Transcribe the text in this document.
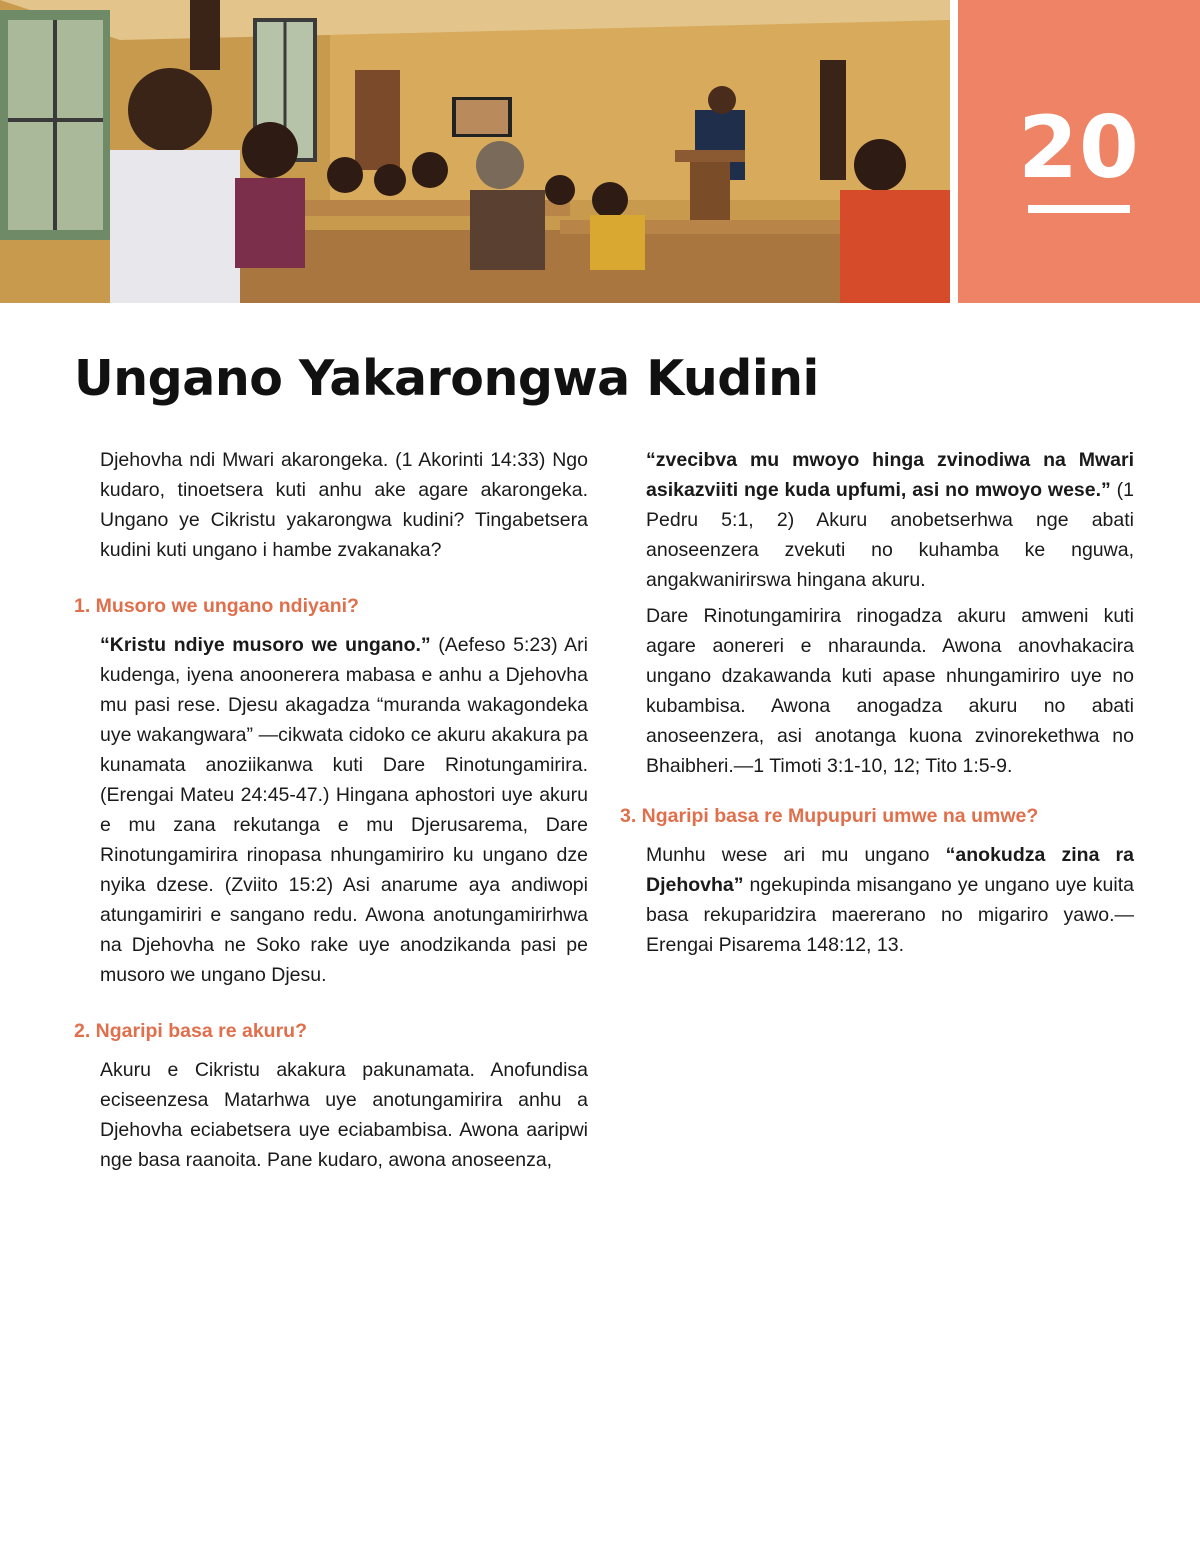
20
Ungano Yakarongwa Kudini

Djehovha ndi Mwari akarongeka. (1 Akorinti 14:33) Ngo kudaro, tinoetsera kuti anhu ake agare akarongeka. Ungano ye Cikristu yakarongwa kudini? Tingabetsera kudini kuti ungano i hambe zvakanaka?

1. Musoro we ungano ndiyani?

“Kristu ndiye musoro we ungano.” (Aefeso 5:23) Ari kudenga, iyena anoonerera mabasa e anhu a Djehovha mu pasi rese. Djesu akagadza “muranda wakagondeka uye wakangwara” —cikwata cidoko ce akuru akakura pa kunamata anoziikanwa kuti Dare Rinotungamirira. (Erengai Mateu 24:45-47.) Hingana aphostori uye akuru e mu zana rekutanga e mu Djerusarema, Dare Rinotungamirira rinopasa nhungamiriro ku ungano dze nyika dzese. (Zviito 15:2) Asi anarume aya andiwopi atungamiriri e sangano redu. Awona anotungamirirhwa na Djehovha ne Soko rake uye anodzikanda pasi pe musoro we ungano Djesu.

2. Ngaripi basa re akuru?

Akuru e Cikristu akakura pakunamata. Anofundisa eciseenzesa Matarhwa uye anotungamirira anhu a Djehovha eciabetsera uye eciabambisa. Awona aaripwi nge basa raanoita. Pane kudaro, awona anoseenza,

“zvecibva mu mwoyo hinga zvinodiwa na Mwari asikazviiti nge kuda upfumi, asi no mwoyo wese.” (1 Pedru 5:1, 2) Akuru anobetserhwa nge abati anoseenzera zvekuti no kuhamba ke nguwa, angakwanirirswa hingana akuru.

Dare Rinotungamirira rinogadza akuru amweni kuti agare aonereri e nharaunda. Awona anovhakacira ungano dzakawanda kuti apase nhungamiriro uye no kubambisa. Awona anogadza akuru no abati anoseenzera, asi anotanga kuona zvinorekethwa no Bhaibheri.—1 Timoti 3:1-10, 12; Tito 1:5-9.

3. Ngaripi basa re Mupupuri umwe na umwe?

Munhu wese ari mu ungano “anokudza zina ra Djehovha” ngekupinda misangano ye ungano uye kuita basa rekuparidzira maererano no migariro yawo.—Erengai Pisarema 148:12, 13.
